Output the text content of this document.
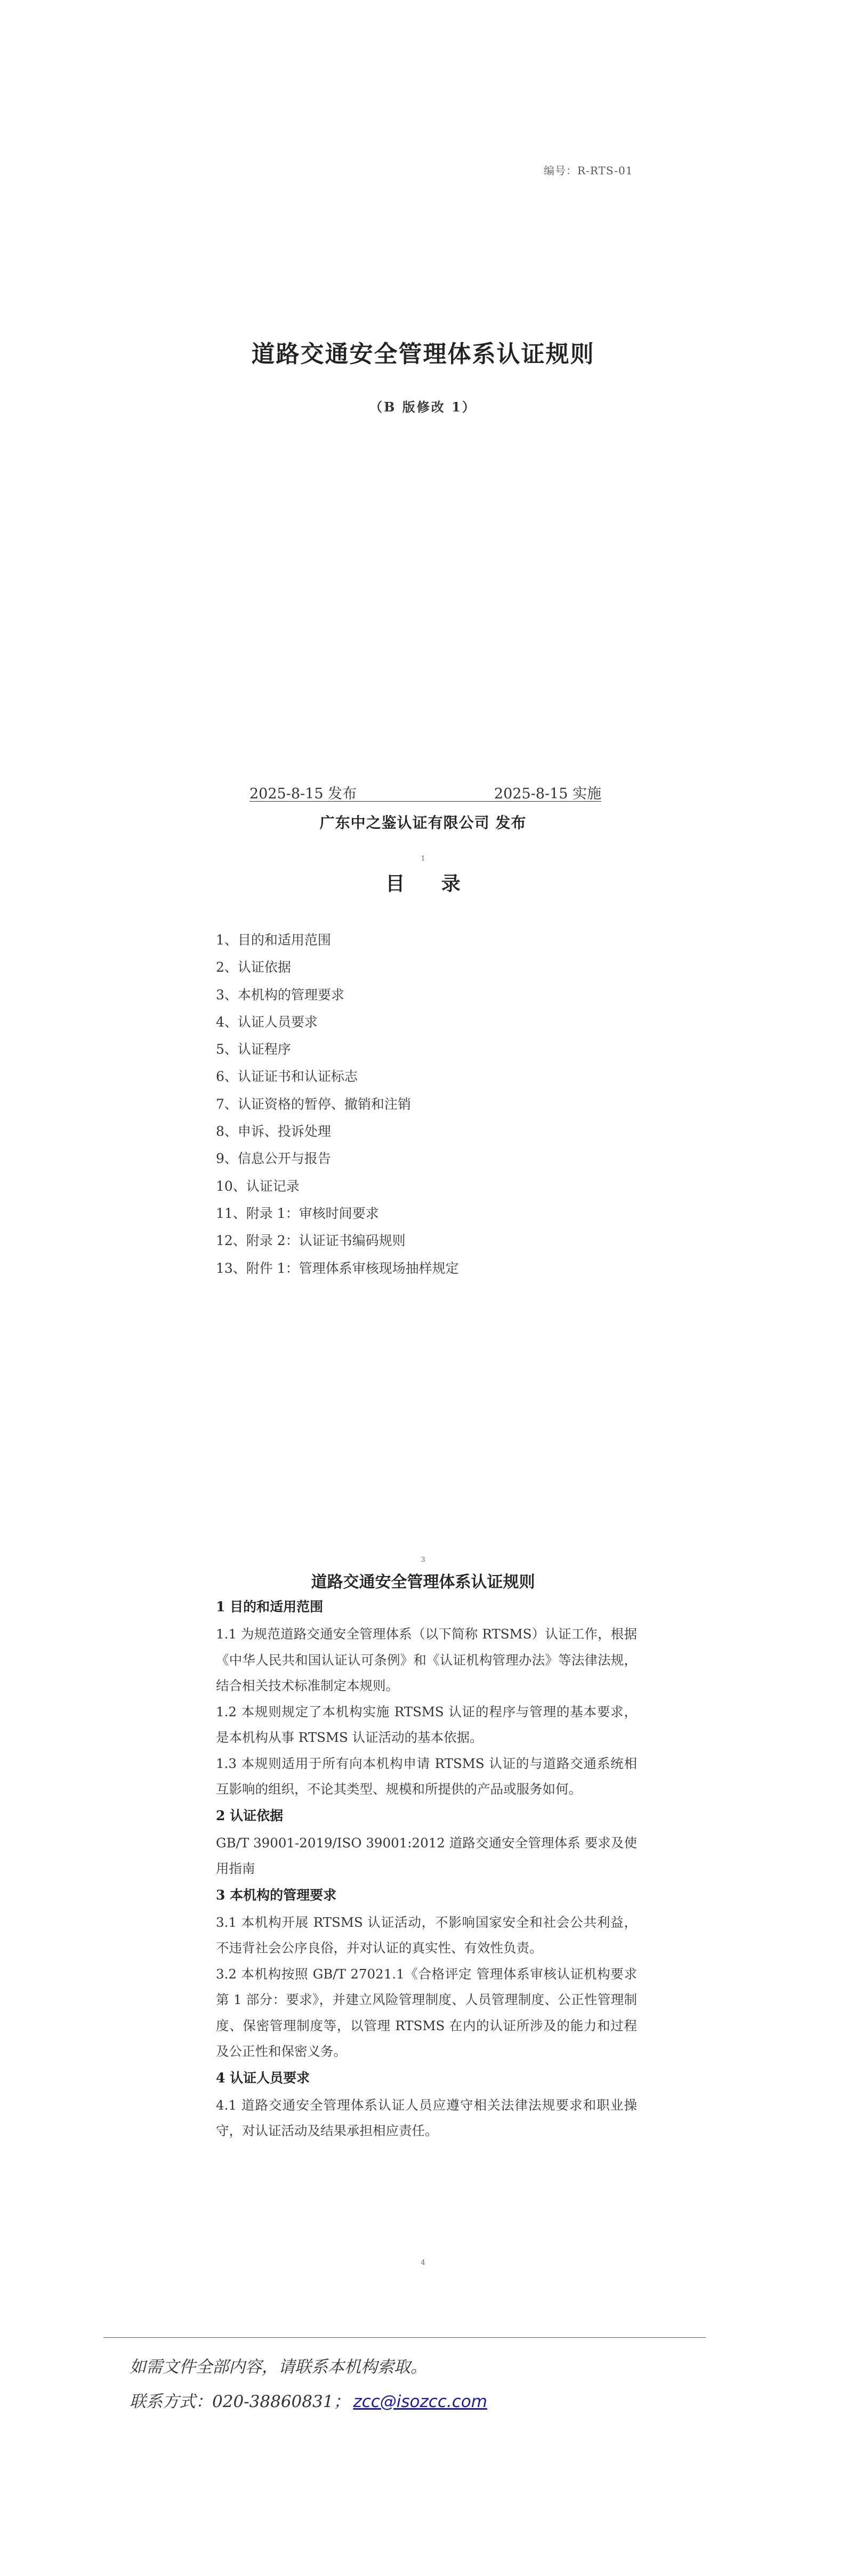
编号：R-RTS-01
道路交通安全管理体系认证规则
（B 版修改 1）
2025-8-15 发布	2025-8-15 实施
广东中之鉴认证有限公司 发布
1
目 录
1、目的和适用范围
2、认证依据
3、本机构的管理要求
4、认证人员要求
5、认证程序
6、认证证书和认证标志
7、认证资格的暂停、撤销和注销
8、申诉、投诉处理
9、信息公开与报告
10、认证记录
11、附录 1：审核时间要求
12、附录 2：认证证书编码规则
13、附件 1：管理体系审核现场抽样规定
3
道路交通安全管理体系认证规则
1 目的和适用范围

1.1 为规范道路交通安全管理体系（以下简称 RTSMS）认证工作，根据《中华人民共和国认证认可条例》和《认证机构管理办法》等法律法规，结合相关技术标准制定本规则。

1.2 本规则规定了本机构实施 RTSMS 认证的程序与管理的基本要求，是本机构从事 RTSMS 认证活动的基本依据。

1.3 本规则适用于所有向本机构申请 RTSMS 认证的与道路交通系统相互影响的组织，不论其类型、规模和所提供的产品或服务如何。

2 认证依据

GB/T 39001-2019/ISO 39001:2012 道路交通安全管理体系 要求及使用指南

3 本机构的管理要求

3.1 本机构开展 RTSMS 认证活动，不影响国家安全和社会公共利益，不违背社会公序良俗，并对认证的真实性、有效性负责。

3.2 本机构按照 GB/T 27021.1《合格评定 管理体系审核认证机构要求 第 1 部分：要求》，并建立风险管理制度、人员管理制度、公正性管理制度、保密管理制度等，以管理 RTSMS 在内的认证所涉及的能力和过程及公正性和保密义务。

4 认证人员要求

4.1 道路交通安全管理体系认证人员应遵守相关法律法规要求和职业操守，对认证活动及结果承担相应责任。

4
如需文件全部内容，请联系本机构索取。
联系方式：020-38860831； zcc@isozcc.com
